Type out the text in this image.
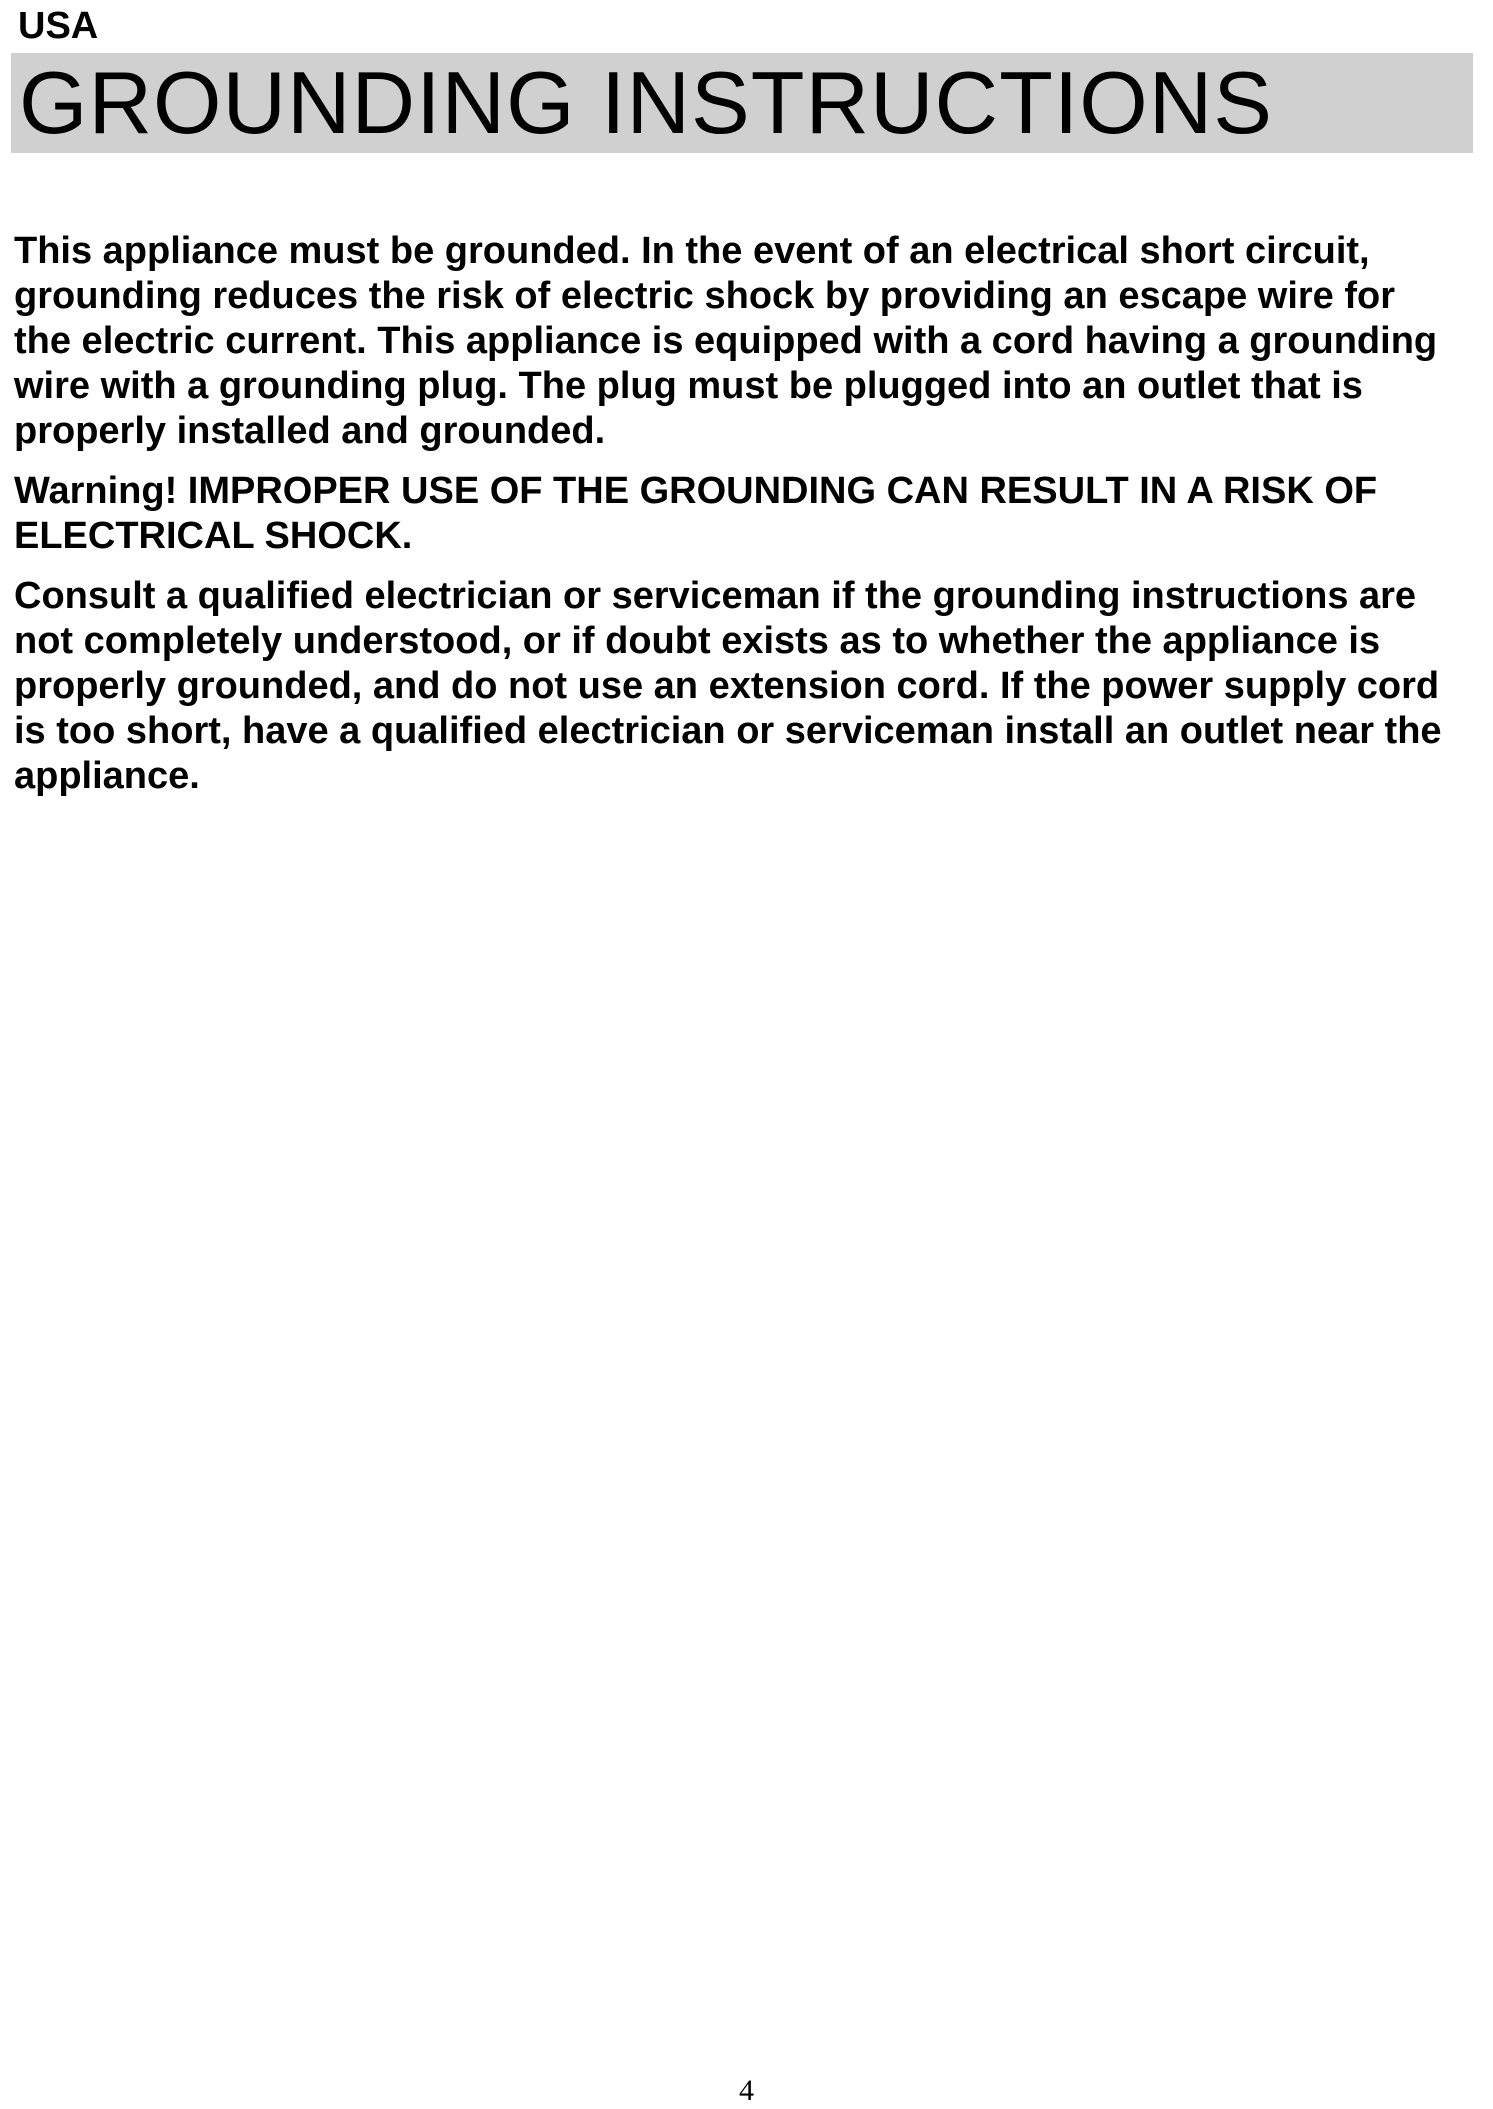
USA

GROUNDING INSTRUCTIONS

This appliance must be grounded. In the event of an electrical short circuit,
grounding reduces the risk of electric shock by providing an escape wire for
the electric current. This appliance is equipped with a cord having a grounding
wire with a grounding plug. The plug must be plugged into an outlet that is
properly installed and grounded.

Warning! IMPROPER USE OF THE GROUNDING CAN RESULT IN A RISK OF
ELECTRICAL SHOCK.

Consult a qualified electrician or serviceman if the grounding instructions are
not completely understood, or if doubt exists as to whether the appliance is
properly grounded, and do not use an extension cord. If the power supply cord
is too short, have a qualified electrician or serviceman install an outlet near the
appliance.

4
